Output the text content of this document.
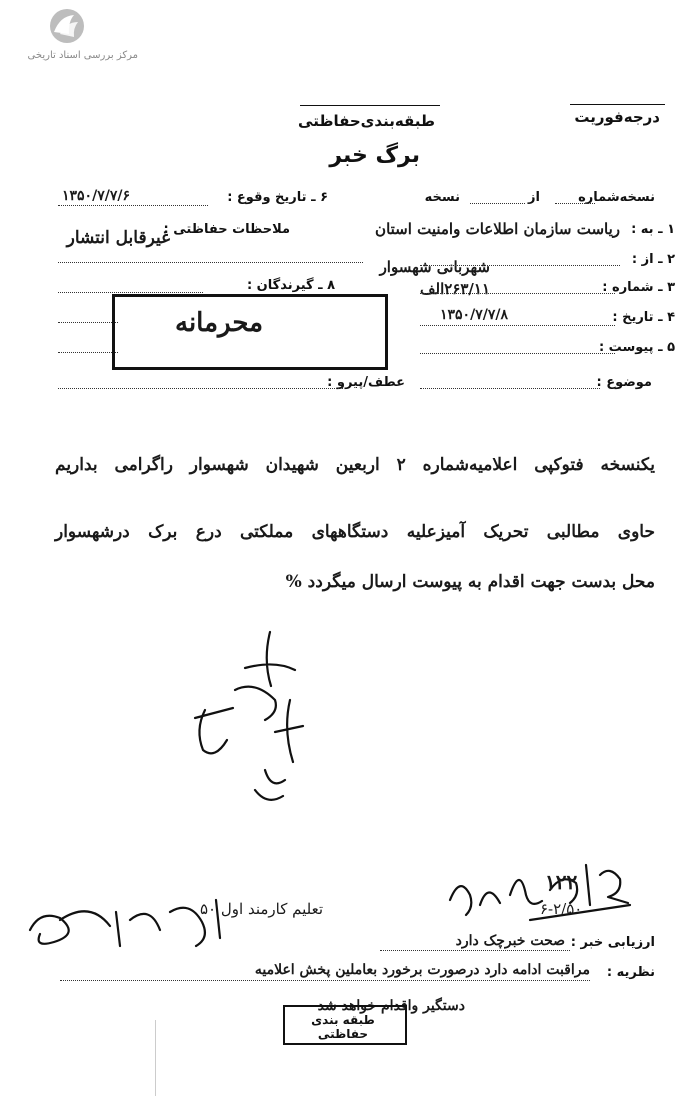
مرکز بررسی اسناد تاریخی
درجه‌فوریت
طبقه‌بندی‌حفاظتی
برگ خبر
نسخه‌شماره
از
نسخه
۶ ـ تاریخ وقوع :
۱۳۵۰/۷/۷/۶
۱ ـ به :
ریاست سازمان اطلاعات وامنیت استان
ملاحظات حفاظتی :
غیرقابل انتشار
۲ ـ از :
شهربانی شهسوار
۳ ـ شماره :
۲۶۳/۱۱الف
۸ ـ گیرندگان :
۴ ـ تاریخ :
۱۳۵۰/۷/۷/۸
۵ ـ پیوست :
محرمانه
عطف/پیرو :	موضوع :
یکنسخه فتوکپی اعلامیه‌شماره ۲ اربعین شهیدان شهسوار راگرامی بداریم
حاوی مطالبی تحریک آمیزعلیه دستگاههای مملکتی درع برک درشهسوار
محل بدست جهت اقدام به پیوست ارسال میگردد %
۱۲۲
۶-۲/۵۰
تعلیم کارمند اول ۵۰
ارزیابی خبر :
صحت خبرچک دارد
نظریه :
مراقبت ادامه دارد درصورت برخورد بعاملین پخش اعلامیه
دستگیر واقدام خواهد شد
طبقه بندی حفاظتی
